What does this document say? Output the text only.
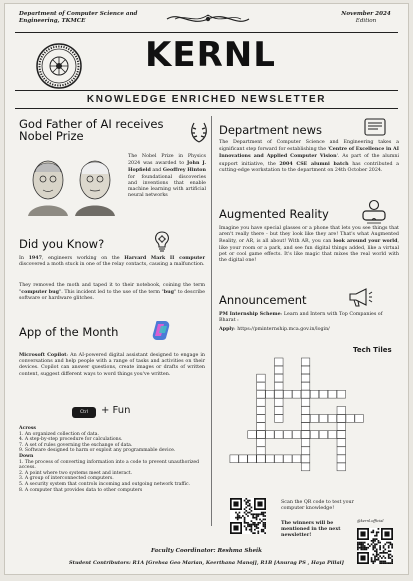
Department of Computer Science and
Engineering, TKMCE
November 2024
Edition
KERNL
KNOWLEDGE ENRICHED NEWSLETTER
God Father of AI receives
Nobel Prize
The Nobel Prize in Physics 2024 was awarded to John J. Hopfield and Geoffrey Hinton for foundational discoveries and inventions that enable machine learning with artificial neural networks
Did you Know?
In 1947, engineers working on the Harvard Mark II computer discovered a moth stuck in one of the relay contacts, causing a malfunction.
They removed the moth and taped it to their notebook, coining the term "computer bug". This incident led to the use of the term "bug" to describe software or hardware glitches.
App of the Month
Microsoft Copilot: An AI-powered digital assistant designed to engage in conversations and help people with a range of tasks and activities on their devices. Copilot can answer questions, create images or drafts of written content, suggest different ways to word things you've written.
Ctrl	+ Fun
Across
1. An organized collection of data.
4. A step-by-step procedure for calculations.
7. A set of rules governing the exchange of data.
9. Software designed to harm or exploit any programmable device.
Down
1. The process of converting information into a code to prevent unauthorized access.
2. A point where two systems meet and interact.
3. A group of interconnected computers.
5. A security system that controls incoming and outgoing network traffic.
8. A computer that provides data to other computers
Department news
The Department of Computer Science and Engineering takes a significant step forward for establishing the 'Centre of Excellence in AI Innovations and Applied Computer Vision'. As part of the alumni support initiative, the 2004 CSE alumni batch has contributed a cutting-edge workstation to the department on 24th October 2024.
Augmented Reality
Imagine you have special glasses or a phone that lets you see things that aren't really there - but they look like they are! That's what Augmented Reality, or AR, is all about! With AR, you can look around your world, like your room or a park, and see fun digital things added, like a virtual pet or cool game effects. It's like magic that mixes the real world with the digital one!
Announcement
PM Internship Scheme: Learn and Intern with Top Companies of Bharat :
Apply: https://pminternship.mca.gov.in/login/
Tech Tiles
Scan the QR code to test your computer knowledge!
The winners will be mentioned in the next newsletter!
@kernl.official
Faculty Coordinator: Reshma Sheik
Student Contributors: R1A [Grehsa Geo Marian, Keerthana Manoj], R1B [Anurag PS , Haya Pillai]
